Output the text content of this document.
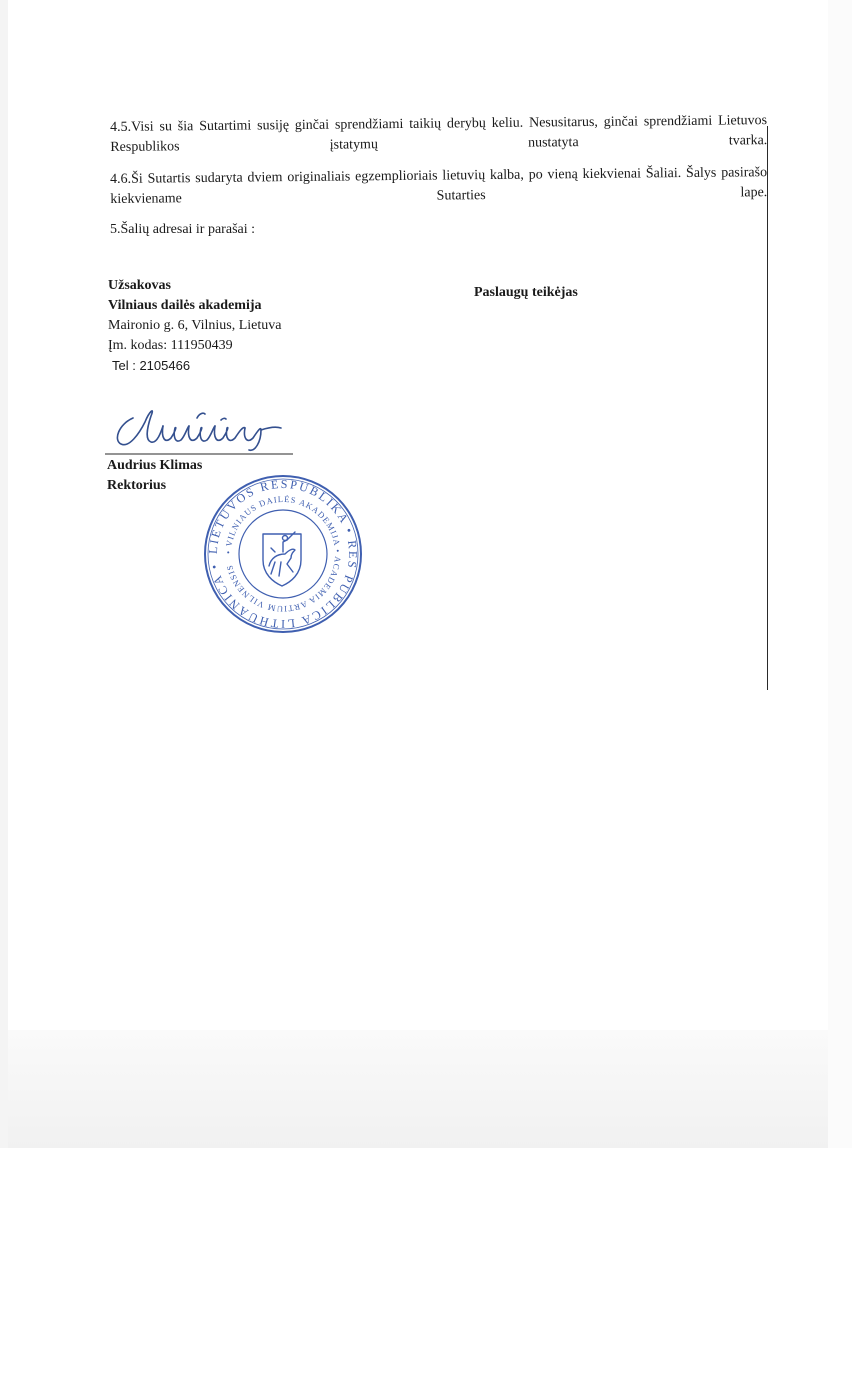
4.5.Visi su šia Sutartimi susiję ginčai sprendžiami taikių derybų keliu. Nesusitarus, ginčai sprendžiami Lietuvos Respublikos įstatymų nustatyta tvarka.

4.6.Ši Sutartis sudaryta dviem originaliais egzemplioriais lietuvių kalba, po vieną kiekvienai Šaliai. Šalys pasirašo kiekviename Sutarties lape.

5.Šalių adresai ir parašai :

Užsakovas
Vilniaus dailės akademija
Maironio g. 6, Vilnius, Lietuva
Įm. kodas: 111950439
Tel : 2105466
Paslaugų teikėjas
Audrius Klimas
Rektorius
LIETUVOS RESPUBLIKA • RES PUBLICA LITHUANICA •
• VILNIAUS DAILĖS AKADEMIJA • ACADEMIA ARTIUM VILNENSIS
